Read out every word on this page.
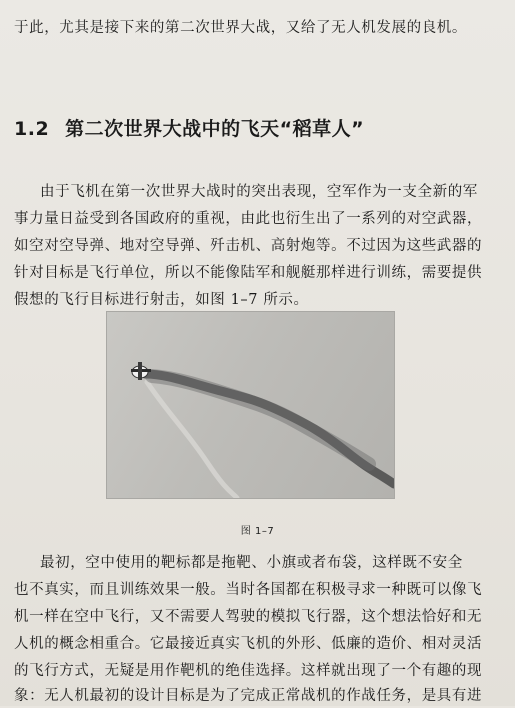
于此，尤其是接下来的第二次世界大战，又给了无人机发展的良机。
1.2 第二次世界大战中的飞天“稻草人”
由于飞机在第一次世界大战时的突出表现，空军作为一支全新的军
事力量日益受到各国政府的重视，由此也衍生出了一系列的对空武器，
如空对空导弹、地对空导弹、歼击机、高射炮等。不过因为这些武器的
针对目标是飞行单位，所以不能像陆军和舰艇那样进行训练，需要提供
假想的飞行目标进行射击，如图 1–7 所示。
图 1–7
最初，空中使用的靶标都是拖靶、小旗或者布袋，这样既不安全
也不真实，而且训练效果一般。当时各国都在积极寻求一种既可以像飞
机一样在空中飞行，又不需要人驾驶的模拟飞行器，这个想法恰好和无
人机的概念相重合。它最接近真实飞机的外形、低廉的造价、相对灵活
的飞行方式，无疑是用作靶机的绝佳选择。这样就出现了一个有趣的现
象：无人机最初的设计目标是为了完成正常战机的作战任务，是具有进
